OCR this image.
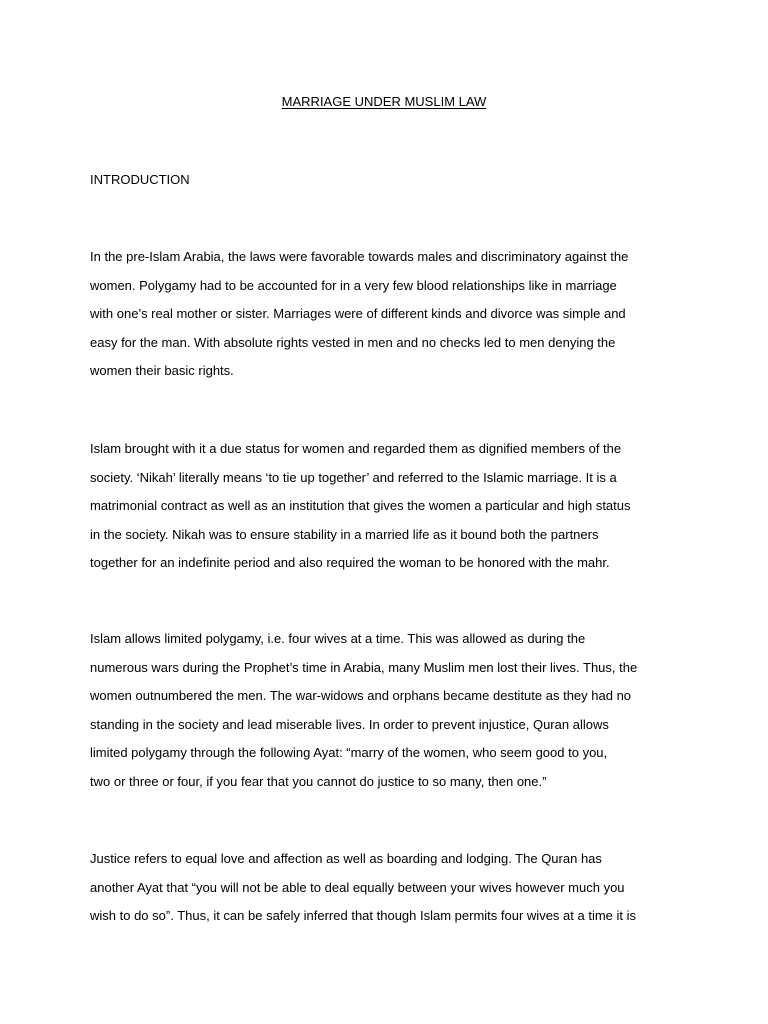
MARRIAGE UNDER MUSLIM LAW
INTRODUCTION

In the pre-Islam Arabia, the laws were favorable towards males and discriminatory against the
women. Polygamy had to be accounted for in a very few blood relationships like in marriage
with one’s real mother or sister. Marriages were of different kinds and divorce was simple and
easy for the man. With absolute rights vested in men and no checks led to men denying the
women their basic rights.

Islam brought with it a due status for women and regarded them as dignified members of the
society. ‘Nikah’ literally means ‘to tie up together’ and referred to the Islamic marriage. It is a
matrimonial contract as well as an institution that gives the women a particular and high status
in the society. Nikah was to ensure stability in a married life as it bound both the partners
together for an indefinite period and also required the woman to be honored with the mahr.

Islam allows limited polygamy, i.e. four wives at a time. This was allowed as during the
numerous wars during the Prophet’s time in Arabia, many Muslim men lost their lives. Thus, the
women outnumbered the men. The war-widows and orphans became destitute as they had no
standing in the society and lead miserable lives. In order to prevent injustice, Quran allows
limited polygamy through the following Ayat: “marry of the women, who seem good to you,
two or three or four, if you fear that you cannot do justice to so many, then one.”

Justice refers to equal love and affection as well as boarding and lodging. The Quran has
another Ayat that “you will not be able to deal equally between your wives however much you
wish to do so”. Thus, it can be safely inferred that though Islam permits four wives at a time it is
